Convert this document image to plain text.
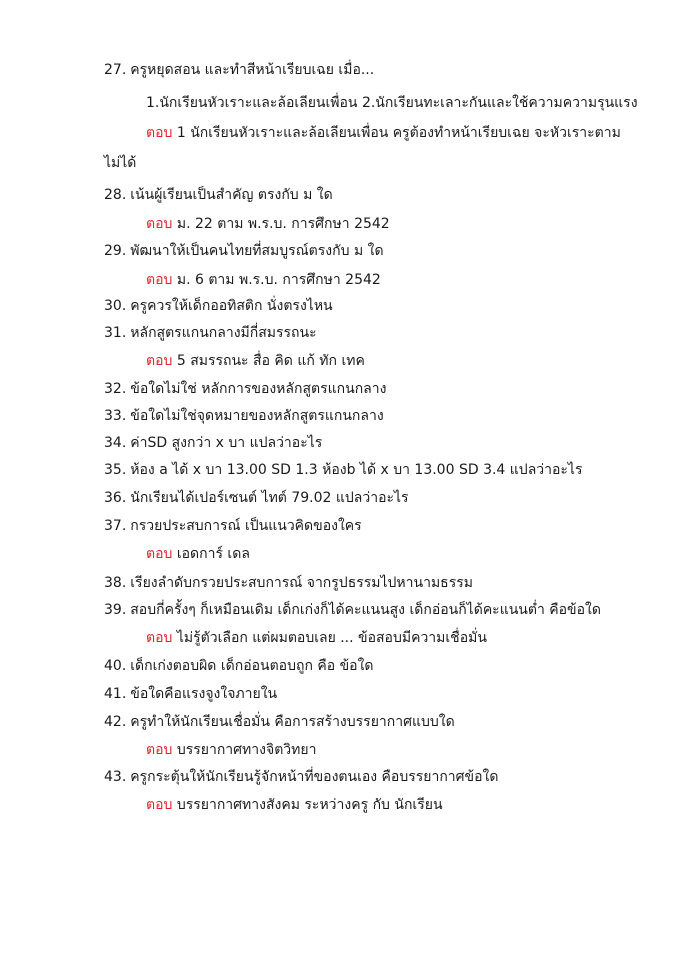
27. ครูหยุดสอน และทำสีหน้าเรียบเฉย เมื่อ...
1.นักเรียนหัวเราะและล้อเลียนเพื่อน 2.นักเรียนทะเลาะกันและใช้ความความรุนแรง
ตอบ 1 นักเรียนหัวเราะและล้อเลียนเพื่อน ครูต้องทำหน้าเรียบเฉย จะหัวเราะตาม
ไม่ได้
28. เน้นผู้เรียนเป็นสำคัญ ตรงกับ ม ใด
ตอบ ม. 22 ตาม พ.ร.บ. การศึกษา 2542
29. พัฒนาให้เป็นคนไทยที่สมบูรณ์ตรงกับ ม ใด
ตอบ ม. 6 ตาม พ.ร.บ. การศึกษา 2542
30. ครูควรให้เด็กออทิสติก นั่งตรงไหน
31. หลักสูตรแกนกลางมีกี่สมรรถนะ
ตอบ 5 สมรรถนะ สื่อ คิด แก้ ทัก เทค
32. ข้อใดไม่ใช่ หลักการของหลักสูตรแกนกลาง
33. ข้อใดไม่ใช่จุดหมายของหลักสูตรแกนกลาง
34. ค่าSD สูงกว่า x บา แปลว่าอะไร
35. ห้อง a ได้ x บา 13.00 SD 1.3 ห้องb ได้ x บา 13.00 SD 3.4 แปลว่าอะไร
36. นักเรียนได้เปอร์เซนต์ ไทต์ 79.02 แปลว่าอะไร
37. กรวยประสบการณ์ เป็นแนวคิดของใคร
ตอบ เอดการ์ เดล
38. เรียงลำดับกรวยประสบการณ์ จากรูปธรรมไปหานามธรรม
39. สอบกี่ครั้งๆ ก็เหมือนเดิม เด็กเก่งก็ได้คะแนนสูง เด็กอ่อนก็ได้คะแนนต่ำ คือข้อใด
ตอบ ไม่รู้ตัวเลือก แต่ผมตอบเลย ... ข้อสอบมีความเชื่อมั่น
40. เด็กเก่งตอบผิด เด็กอ่อนตอบถูก คือ ข้อใด
41. ข้อใดคือแรงจูงใจภายใน
42. ครูทำให้นักเรียนเชื่อมั่น คือการสร้างบรรยากาศแบบใด
ตอบ บรรยากาศทางจิตวิทยา
43. ครูกระตุ้นให้นักเรียนรู้จักหน้าที่ของตนเอง คือบรรยากาศข้อใด
ตอบ บรรยากาศทางสังคม ระหว่างครู กับ นักเรียน
